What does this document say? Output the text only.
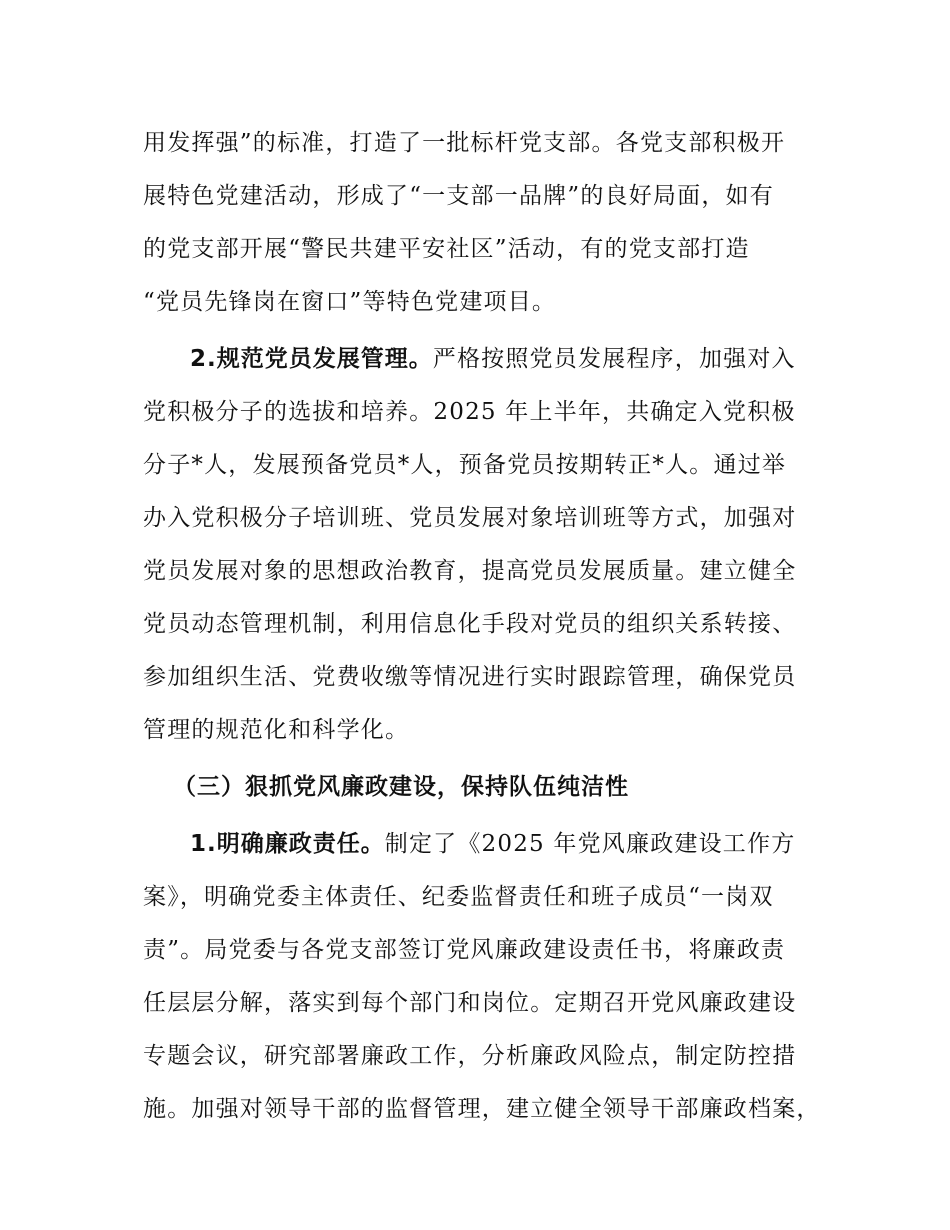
用发挥强”的标准，打造了一批标杆党支部。各党支部积极开
展特色党建活动，形成了“一支部一品牌”的良好局面，如有
的党支部开展“警民共建平安社区”活动，有的党支部打造
“党员先锋岗在窗口”等特色党建项目。
2.规范党员发展管理。严格按照党员发展程序，加强对入
党积极分子的选拔和培养。2025 年上半年，共确定入党积极
分子*人，发展预备党员*人，预备党员按期转正*人。通过举
办入党积极分子培训班、党员发展对象培训班等方式，加强对
党员发展对象的思想政治教育，提高党员发展质量。建立健全
党员动态管理机制，利用信息化手段对党员的组织关系转接、
参加组织生活、党费收缴等情况进行实时跟踪管理，确保党员
管理的规范化和科学化。
（三）狠抓党风廉政建设，保持队伍纯洁性
1.明确廉政责任。制定了《2025 年党风廉政建设工作方
案》，明确党委主体责任、纪委监督责任和班子成员“一岗双
责”。局党委与各党支部签订党风廉政建设责任书，将廉政责
任层层分解，落实到每个部门和岗位。定期召开党风廉政建设
专题会议，研究部署廉政工作，分析廉政风险点，制定防控措
施。加强对领导干部的监督管理，建立健全领导干部廉政档案，
